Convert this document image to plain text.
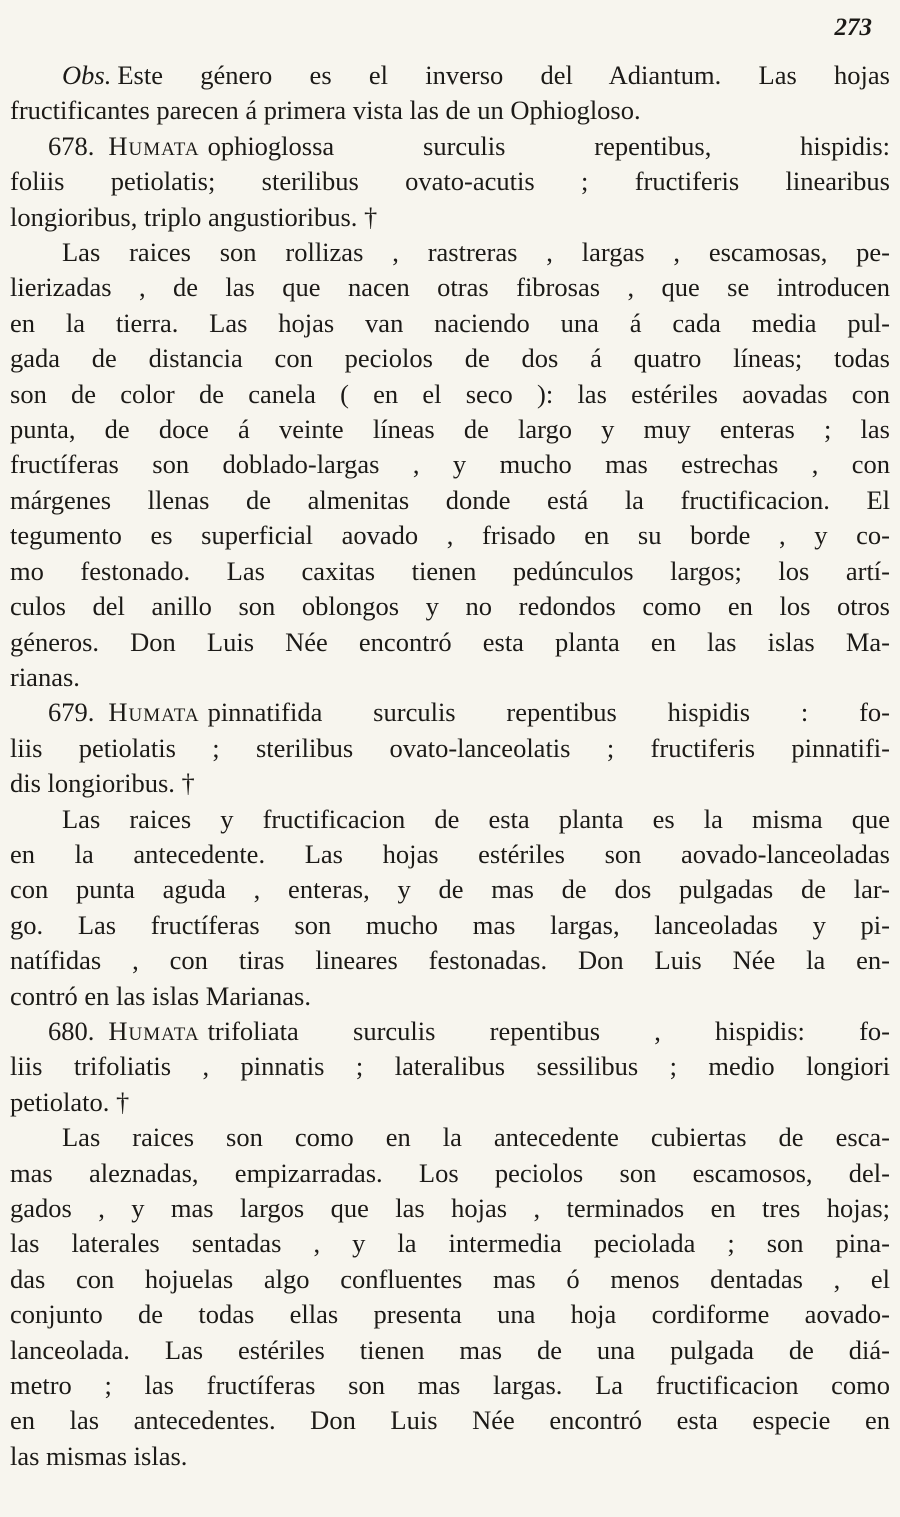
273
Obs. Este género es el inverso del Adiantum. Las hojas
fructificantes parecen á primera vista las de un Ophiogloso.
678. Humata ophioglossa surculis repentibus, hispidis:
foliis petiolatis; sterilibus ovato-acutis ; fructiferis linearibus
longioribus, triplo angustioribus. †
Las raices son rollizas , rastreras , largas , escamosas, pe-
lierizadas , de las que nacen otras fibrosas , que se introducen
en la tierra. Las hojas van naciendo una á cada media pul-
gada de distancia con peciolos de dos á quatro líneas; todas
son de color de canela ( en el seco ): las estériles aovadas con
punta, de doce á veinte líneas de largo y muy enteras ; las
fructíferas son doblado-largas , y mucho mas estrechas , con
márgenes llenas de almenitas donde está la fructificacion. El
tegumento es superficial aovado , frisado en su borde , y co-
mo festonado. Las caxitas tienen pedúnculos largos; los artí-
culos del anillo son oblongos y no redondos como en los otros
géneros. Don Luis Née encontró esta planta en las islas Ma-
rianas.
679. Humata pinnatifida surculis repentibus hispidis : fo-
liis petiolatis ; sterilibus ovato-lanceolatis ; fructiferis pinnatifi-
dis longioribus. †
Las raices y fructificacion de esta planta es la misma que
en la antecedente. Las hojas estériles son aovado-lanceoladas
con punta aguda , enteras, y de mas de dos pulgadas de lar-
go. Las fructíferas son mucho mas largas, lanceoladas y pi-
natífidas , con tiras lineares festonadas. Don Luis Née la en-
contró en las islas Marianas.
680. Humata trifoliata surculis repentibus , hispidis: fo-
liis trifoliatis , pinnatis ; lateralibus sessilibus ; medio longiori
petiolato. †
Las raices son como en la antecedente cubiertas de esca-
mas aleznadas, empizarradas. Los peciolos son escamosos, del-
gados , y mas largos que las hojas , terminados en tres hojas;
las laterales sentadas , y la intermedia peciolada ; son pina-
das con hojuelas algo confluentes mas ó menos dentadas , el
conjunto de todas ellas presenta una hoja cordiforme aovado-
lanceolada. Las estériles tienen mas de una pulgada de diá-
metro ; las fructíferas son mas largas. La fructificacion como
en las antecedentes. Don Luis Née encontró esta especie en
las mismas islas.
